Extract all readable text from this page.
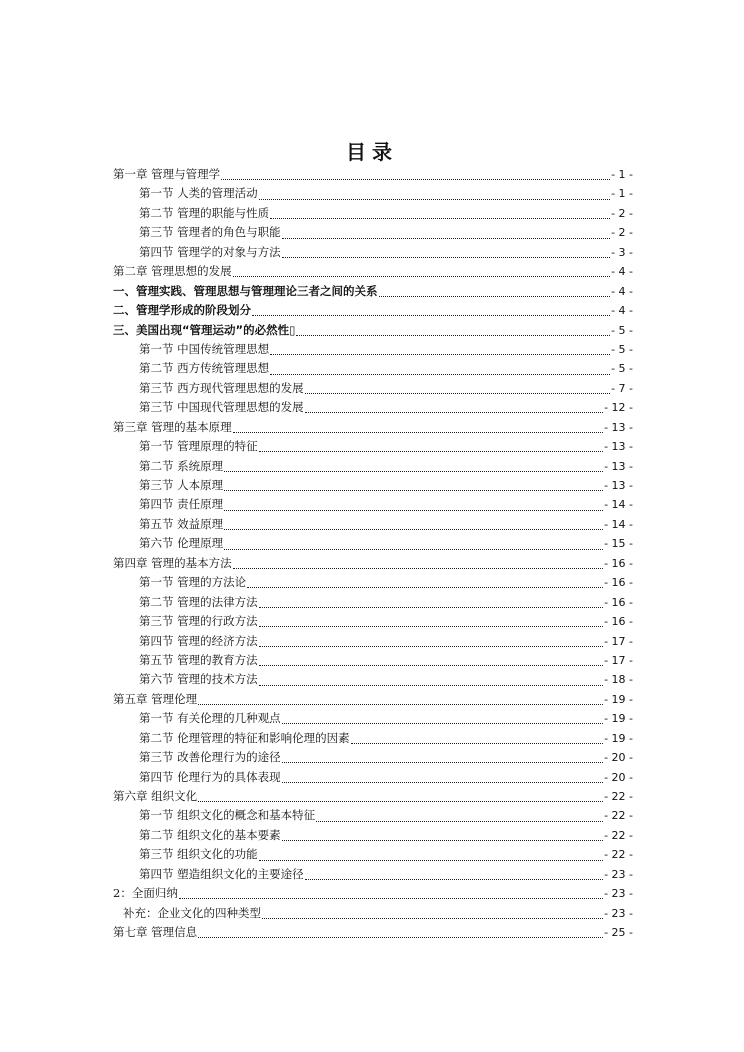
目录
第一章 管理与管理学	- 1 -
第一节 人类的管理活动	- 1 -
第二节 管理的职能与性质	- 2 -
第三节 管理者的角色与职能	- 2 -
第四节 管理学的对象与方法	- 3 -
第二章 管理思想的发展	- 4 -
一、管理实践、管理思想与管理理论三者之间的关系	- 4 -
二、管理学形成的阶段划分	- 4 -
三、美国出现“管理运动”的必然性▯	- 5 -
第一节 中国传统管理思想	- 5 -
第二节 西方传统管理思想	- 5 -
第三节 西方现代管理思想的发展	- 7 -
第三节 中国现代管理思想的发展	- 12 -
第三章 管理的基本原理	- 13 -
第一节 管理原理的特征	- 13 -
第二节 系统原理	- 13 -
第三节 人本原理	- 13 -
第四节 责任原理	- 14 -
第五节 效益原理	- 14 -
第六节 伦理原理	- 15 -
第四章 管理的基本方法	- 16 -
第一节 管理的方法论	- 16 -
第二节 管理的法律方法	- 16 -
第三节 管理的行政方法	- 16 -
第四节 管理的经济方法	- 17 -
第五节 管理的教育方法	- 17 -
第六节 管理的技术方法	- 18 -
第五章 管理伦理	- 19 -
第一节 有关伦理的几种观点	- 19 -
第二节 伦理管理的特征和影响伦理的因素	- 19 -
第三节 改善伦理行为的途径	- 20 -
第四节 伦理行为的具体表现	- 20 -
第六章 组织文化	- 22 -
第一节 组织文化的概念和基本特征	- 22 -
第二节 组织文化的基本要素	- 22 -
第三节 组织文化的功能	- 22 -
第四节 塑造组织文化的主要途径	- 23 -
2：全面归纳	- 23 -
补充：企业文化的四种类型	- 23 -
第七章 管理信息	- 25 -
